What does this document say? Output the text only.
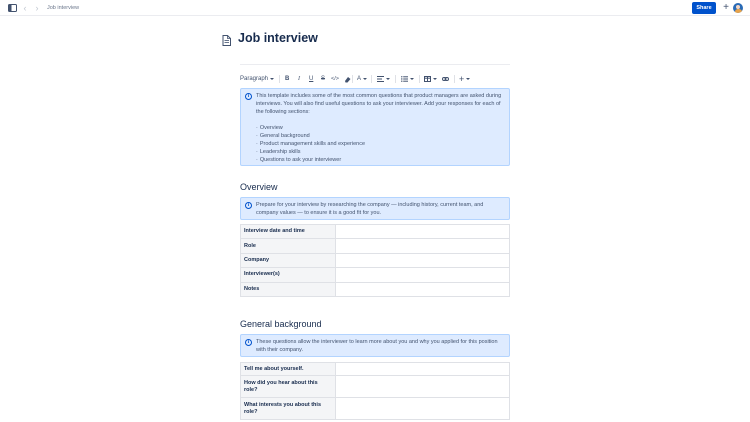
‹	›	Job interview	Share	+
Job interview
Paragraph	B I U S </>	A	+
i	This template includes some of the most common questions that product managers are asked during interviews. You will also find useful questions to ask your interviewer. Add your responses for each of the following sections:
· Overview
· General background
· Product management skills and experience
· Leadership skills
· Questions to ask your interviewer
Overview
i	Prepare for your interview by researching the company — including history, current team, and company values — to ensure it is a good fit for you.
Interview date and time	
Role	
Company	
Interviewer(s)	
Notes	
General background
i	These questions allow the interviewer to learn more about you and why you applied for this position with their company.
Tell me about yourself.	
How did you hear about this role?	
What interests you about this role?	
